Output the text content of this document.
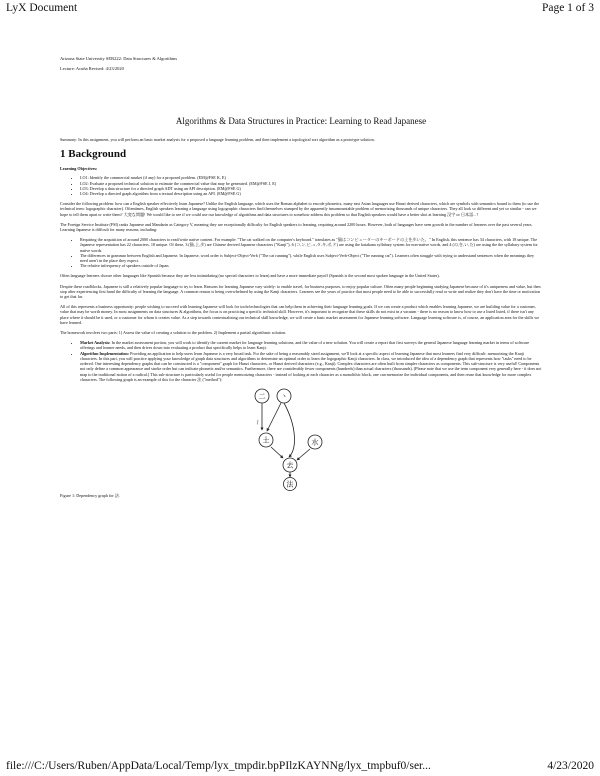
LyX Document	Page 1 of 3
Arizona State University SER222: Data Structures & Algorithms
Lecture: Acuña Revised: 4/23/2020
Algorithms & Data Structures in Practice: Learning to Read Japanese

Summary: In this assignment, you will perform an basic market analysis for a proposed a language learning problem, and then implement a topological sort algorithm as a prototype solution.

1 Background
Learning Objectives:
• LO1: Identify the commercial market (if any) for a proposed problem. (EM@FSE K, E)
• LO2: Evaluate a proposed technical solution to estimate the commercial value that may be generated. (EM@FSE J, E)
• LO3: Develop a data structure for a directed graph ADT using an API description. (EM@FSE G)
• LO4: Develop a directed graph algorithm from a textual description using an API. (EM@FSE G)

Consider the following problem: how can a English speaker effectively learn Japanese? Unlike the English language, which uses the Roman alphabet to encode phonetics, many east Asian languages use Hanzi derived characters, which are symbols with semantics bound to them (to use the technical term: logographic character). Oftentimes, English speakers learning a language using logographic characters find themselves stumped by the apparently insurmountable problem of memorizing thousands of unique characters. They all look so different and yet so similar - can we hope to tell them apart or write them? 大変な問題! We would like to see if we could use our knowledge of algorithms and data structures to somehow address this problem so that English speakers would have a better shot at learning 汉字 or 日本語...?

The Foreign Service Institute (FSI) ranks Japanese and Mandarin as Category V, meaning they are exceptionally difficulty for English speakers to learning, requiring around 2200 hours. However, both of languages have seen growth in the number of learners over the past several years. Learning Japanese is difficult for many reasons, including:

• Requiring the acquisition of around 2000 characters to read/write native content. For example: "The cat walked on the computer's keyboard." translates as "猫はコンピューターのキーボードの上を歩いた。" In English, this sentence has 34 characters, with 18 unique. The Japanese representation has 22 characters, 18 unique. Of these, 3 (猫,上,歩) are Chinese derived Japanese characters ("Kanji"), 6 (コ,ン,ピ,ュ,タ,キ,ボ,ド) are using the katakana syllabary system for non-native words, and 4 (の,を,い,た) are using the the syllabary system for native words.
• The differences in grammar between English and Japanese. In Japanese, word order is Subject-Object-Verb ("The cat running"), while English uses Subject-Verb-Object ("The running cat"). Learners often struggle with trying to understand sentences when the meanings they need aren't in the place they expect.
• The relative infrequency of speakers outside of Japan.

Often language learners choose other languages like Spanish because they are less intimidating (no special characters to learn) and have a more immediate payoff (Spanish is the second most spoken language in the United States).

Despite these roadblocks, Japanese is still a relatively popular language to try to learn. Reasons for learning Japanese vary widely: to enable travel, for business purposes, to enjoy popular culture. Often many people beginning studying Japanese because of it's uniqueness and value, but then stop after experiencing first hand the difficulty of learning the language. A common reason is being overwhelmed by using the Kanji characters. Learners see the years of practice that most people need to be able to successfully read or write and realize they don't have the time or motivation to get that far.

All of this represents a business opportunity: people wishing to succeed with learning Japanese will look for tools/technologies that can help them in achieving their language learning goals. If we can create a product which enables learning Japanese, we are building value for a customer, value that may be worth money. In most assignments on data structures & algorithms, the focus is on practicing a specific technical skill. However, it's important to recognize that these skills do not exist in a vacuum - there is no reason to know how to use a listed listed, if there isn't any place where it should be it used, or a customer for whom it creates value. As a step towards contextualizing our technical skill knowledge, we will create a basic market assessment for Japanese learning software. Language learning software is, of course, an application area for the skills we have learned.

The homework involves two parts: 1) Assess the value of creating a solution to the problem. 2) Implement a partial algorithmic solution.

• Market Analysis: In the market assessment portion, you will work to identify the current market for language learning solutions, and the value of a new solution. You will create a report that first surveys the general Japanese language learning market in terms of software offerings and learner needs, and then drives down into evaluating a product that specifically helps to learn Kanji.
• Algorithm Implementation: Providing an application to help users learn Japanese is a very broad task. For the sake of being a reasonably sized assignment, we'll look at a specific aspect of learning Japanese that most learners find very difficult: memorizing the Kanji characters. In this part, you will practice applying your knowledge of graph data structures and algorithms to determine an optimal order to learn the logographic Kanji characters. In class, we introduced the idea of a dependency graph that represents how "tasks" need to be ordered. One interesting dependency graphs that can be constructed is a "component" graph for Hanzi characters, or Hanzi derived characters (e.g., Kanji). Complex characters are often built from simpler characters as components. This sub-structure is very useful! Components not only define a common appearance and stroke order but can indicate phonetic and/or semantics. Furthermore, there are considerably fewer components (hundreds) than actual characters (thousands). (Please note that we use the term component very generally here - it does not map to the traditional notion of a radical.) This sub-structure is particularly useful for people memorizing characters - instead of looking at each character as a monolithic block, one can memorize the individual components, and then reuse that knowledge for more complex characters. The following graph is an example of this for the character 法 ("method"):
二 丶
土
氵
水
去
法
Figure 1: Dependency graph for 法.
file:///C:/Users/Ruben/AppData/Local/Temp/lyx_tmpdir.bpPIlzKAYNNg/lyx_tmpbuf0/ser...	4/23/2020
